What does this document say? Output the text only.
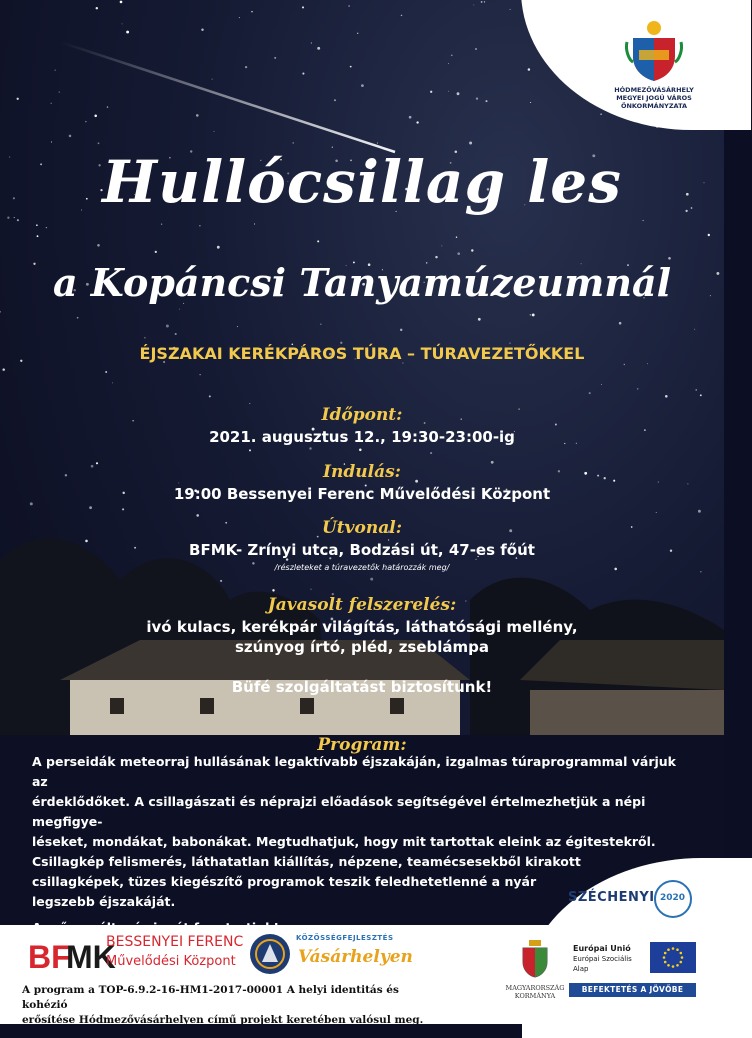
HÓDMEZŐVÁSÁRHELY
MEGYEI JOGÚ VÁROS
ÖNKORMÁNYZATA
Hullócsillag les
a Kopáncsi Tanyamúzeumnál
ÉJSZAKAI KERÉKPÁROS TÚRA – TÚRAVEZETŐKKEL
Időpont:
2021. augusztus 12., 19:30-23:00-ig
Indulás:
19:00 Bessenyei Ferenc Művelődési Központ
Útvonal:
BFMK- Zrínyi utca, Bodzási út, 47-es főút
/részleteket a túravezetők határozzák meg/
Javasolt felszerelés:
ivó kulacs, kerékpár világítás, láthatósági mellény,
szúnyog írtó, pléd, zseblámpa
Büfé szolgáltatást biztosítunk!
Program:

A perseidák meteorraj hullásának legaktívabb éjszakáján, izgalmas túraprogrammal várjuk az

érdeklődőket. A csillagászati és néprajzi előadások segítségével értelmezhetjük a népi megfigye-

léseket, mondákat, babonákat. Megtudhatjuk, hogy mit tartottak eleink az égitestekről.

Csillagkép felismerés, láthatatlan kiállítás, népzene, teamécsesekből kirakott

csillagképek, tüzes kiegészítő programok teszik feledhetetlenné a nyár

legszebb éjszakáját.	SZÉCHENYI 2020
BF
MK
BESSENYEI FERENC
Művelődési Központ
KÖZÖSSÉGFEJLESZTÉS
Vásárhelyen
A program a TOP-6.9.2-16-HM1-2017-00001 A helyi identitás és kohézió
erősítése Hódmezővásárhelyen című projekt keretében valósul meg.
MAGYARORSZÁG
KORMÁNYA
Európai Unió
Európai Szociális
Alap
BEFEKTETÉS A JÖVŐBE
